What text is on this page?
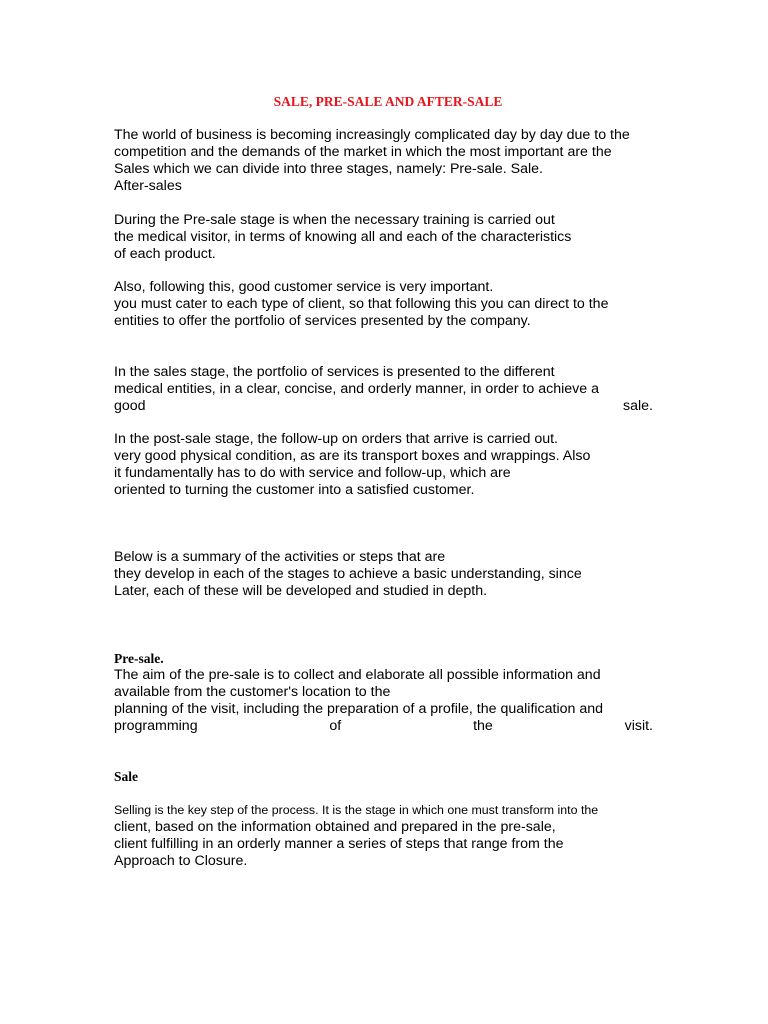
SALE, PRE-SALE AND AFTER-SALE
The world of business is becoming increasingly complicated day by day due to the
competition and the demands of the market in which the most important are the
Sales which we can divide into three stages, namely: Pre-sale. Sale.
After-sales
During the Pre-sale stage is when the necessary training is carried out
the medical visitor, in terms of knowing all and each of the characteristics
of each product.
Also, following this, good customer service is very important.
you must cater to each type of client, so that following this you can direct to the
entities to offer the portfolio of services presented by the company.
In the sales stage, the portfolio of services is presented to the different
medical entities, in a clear, concise, and orderly manner, in order to achieve a
good	sale.
In the post-sale stage, the follow-up on orders that arrive is carried out.
very good physical condition, as are its transport boxes and wrappings. Also
it fundamentally has to do with service and follow-up, which are
oriented to turning the customer into a satisfied customer.
Below is a summary of the activities or steps that are
they develop in each of the stages to achieve a basic understanding, since
Later, each of these will be developed and studied in depth.
Pre-sale.
The aim of the pre-sale is to collect and elaborate all possible information and
available from the customer's location to the
planning of the visit, including the preparation of a profile, the qualification and
programming	of	the	visit.
Sale
Selling is the key step of the process. It is the stage in which one must transform into the
client, based on the information obtained and prepared in the pre-sale,
client fulfilling in an orderly manner a series of steps that range from the
Approach to Closure.
